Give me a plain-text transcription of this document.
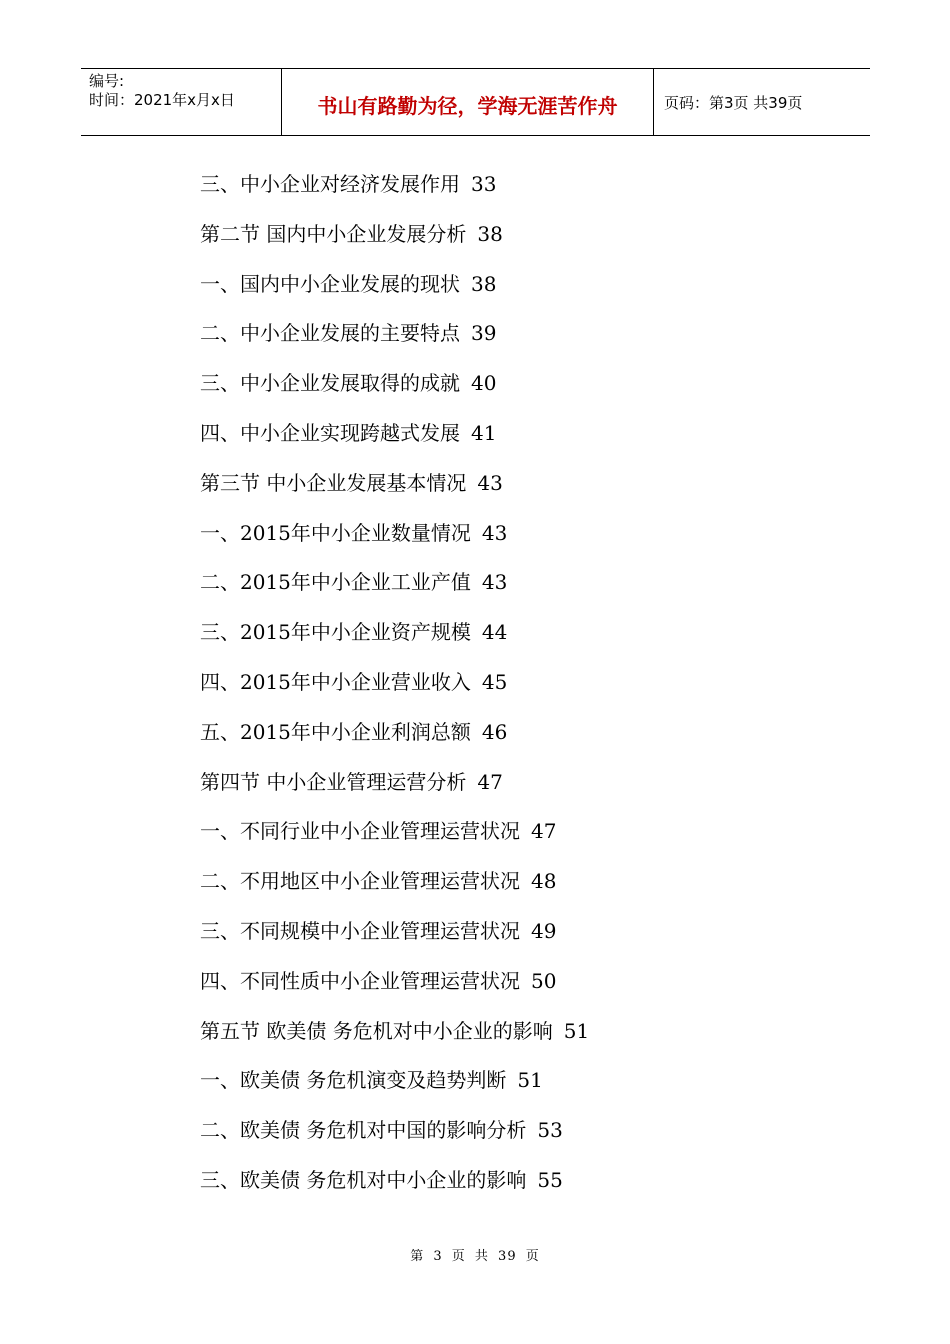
编号:
时间：2021年x月x日	书山有路勤为径，学海无涯苦作舟	页码：第3页 共39页
三、中小企业对经济发展作用 33
第二节 国内中小企业发展分析 38
一、国内中小企业发展的现状 38
二、中小企业发展的主要特点 39
三、中小企业发展取得的成就 40
四、中小企业实现跨越式发展 41
第三节 中小企业发展基本情况 43
一、2015年中小企业数量情况 43
二、2015年中小企业工业产值 43
三、2015年中小企业资产规模 44
四、2015年中小企业营业收入 45
五、2015年中小企业利润总额 46
第四节 中小企业管理运营分析 47
一、不同行业中小企业管理运营状况 47
二、不用地区中小企业管理运营状况 48
三、不同规模中小企业管理运营状况 49
四、不同性质中小企业管理运营状况 50
第五节 欧美债 务危机对中小企业的影响 51
一、欧美债 务危机演变及趋势判断 51
二、欧美债 务危机对中国的影响分析 53
三、欧美债 务危机对中小企业的影响 55
第 3 页 共 39 页
